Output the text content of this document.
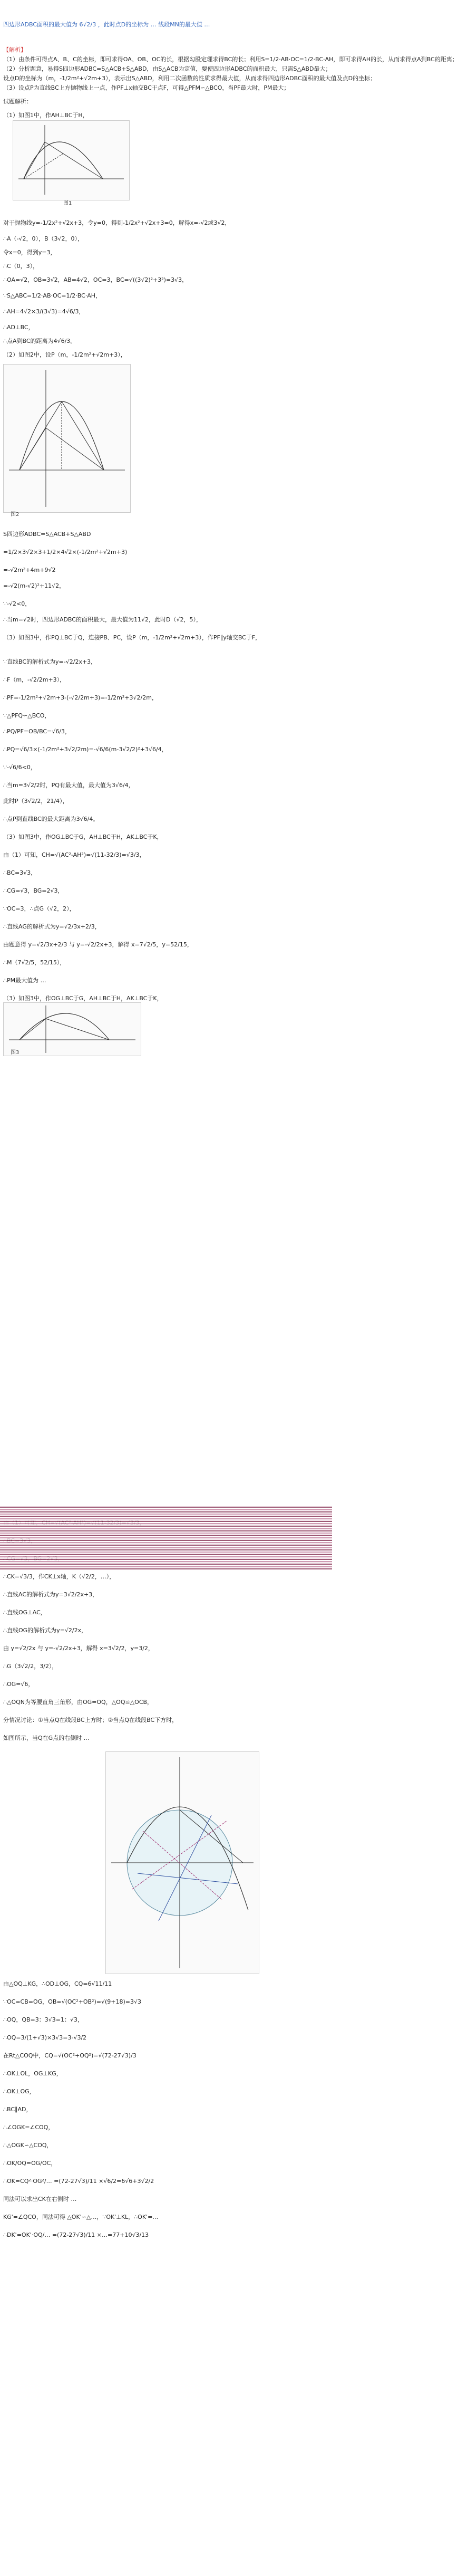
四边形ADBC面积的最大值为 6√2/3 ，此时点D的坐标为 … 线段MN的最大值 …
【解析】
（1）由条件可得点A、B、C的坐标，即可求得OA、OB、OC的长，根据勾股定理求得BC的长；利用S=1/2·AB·OC=1/2·BC·AH，即可求得AH的长，从而求得点A到BC的距离；
（2）分析题意，易得S四边形ADBC=S△ACB+S△ABD，由S△ACB为定值，要使四边形ADBC的面积最大，只需S△ABD最大；
设点D的坐标为（m，-1/2m²+√2m+3），表示出S△ABD，利用二次函数的性质求得最大值，从而求得四边形ADBC面积的最大值及点D的坐标；
（3）设点P为直线BC上方抛物线上一点，作PF⊥x轴交BC于点F，可得△PFM∽△BCO，当PF最大时，PM最大；
试题解析：
（1）如图1中，作AH⊥BC于H，
对于抛物线y=-1/2x²+√2x+3，令y=0，得到-1/2x²+√2x+3=0，解得x=-√2或3√2，
∴A（-√2，0），B（3√2，0），
令x=0，得到y=3，
∴C（0，3），
∴OA=√2，OB=3√2，AB=4√2，OC=3，BC=√((3√2)²+3²)=3√3，
∵S△ABC=1/2·AB·OC=1/2·BC·AH，
∴AH=4√2×3/(3√3)=4√6/3，
∴AD⊥BC，
∴点A到BC的距离为4√6/3。
（2）如图2中，设P（m，-1/2m²+√2m+3），
S四边形ADBC=S△ACB+S△ABD
=1/2×3√2×3+1/2×4√2×(-1/2m²+√2m+3)
=-√2m²+4m+9√2
=-√2(m-√2)²+11√2，
∵-√2<0，
∴当m=√2时，四边形ADBC的面积最大，最大值为11√2，此时D（√2，5），
（3）如图3中，作PQ⊥BC于Q，连接PB、PC，设P（m，-1/2m²+√2m+3），作PF∥y轴交BC于F，
∵直线BC的解析式为y=-√2/2x+3，
∴F（m，-√2/2m+3），
∴PF=-1/2m²+√2m+3-(-√2/2m+3)=-1/2m²+3√2/2m，
∵△PFQ∽△BCO，
∴PQ/PF=OB/BC=√6/3，
∴PQ=√6/3×(-1/2m²+3√2/2m)=-√6/6(m-3√2/2)²+3√6/4，
∵-√6/6<0，
∴当m=3√2/2时，PQ有最大值，最大值为3√6/4，
此时P（3√2/2，21/4），
∴点P到直线BC的最大距离为3√6/4。
（3）如图3中，作OG⊥BC于G，AH⊥BC于H，AK⊥BC于K，
由（1）可知，CH=√(AC²-AH²)=√(11-32/3)=√3/3，
∴BC=3√3，
∴CG=√3，BG=2√3，
∵OC=3，∴点G（√2，2），
∴直线AG的解析式为y=√2/3x+2/3，
由题意得 y=√2/3x+2/3 与 y=-√2/2x+3，解得 x=7√2/5，y=52/15，
∴M（7√2/5，52/15），
∴PM最大值为 …
（3）如图3中，作OG⊥BC于G，AH⊥BC于H，AK⊥BC于K，
∴CK=√3/3，作CK⊥x轴，K（√2/2，…），
∴直线AC的解析式为y=3√2/2x+3，
∴直线OG⊥AC，
∴直线OG的解析式为y=√2/2x，
由 y=√2/2x 与 y=-√2/2x+3，解得 x=3√2/2，y=3/2，
∴G（3√2/2，3/2），
∴OG=√6，
∴△OQN为等腰直角三角形，由OG=OQ，△OQ≌△OCB，
分情况讨论：①当点Q在线段BC上方时；②当点Q在线段BC下方时，
如图所示，当Q在G点的右侧时 …
由△OQ⊥KG，∴OD⊥OG，CQ=6√11/11
∵OC=CB=OG，OB=√(OC²+OB²)=√(9+18)=3√3
∴OQ，QB=3：3√3=1：√3，
∴OQ=3/(1+√3)×3√3=3-√3/2
在Rt△COQ中，CQ=√(OC²+OQ²)=√(72-27√3)/3
∴OK⊥OL，OG⊥KG，
∴OK⊥OG，
∴BC∥AD，
∴∠OGK=∠COQ，
∴△OGK∽△COQ，
∴OK/OQ=OG/OC，
∴OK=CQ²·OG²/… =(72-27√3)/11 ×√6/2=6√6+3√2/2
同法可以求出CK在右侧时 …
KG'=∠QCO，同法可得 △OK'∽△…，∵OK'⊥KL，∴OK'=…
∴DK'=OK'·OQ/… =(72-27√3)/11 ×…=77+10√3/13
图1
图2
图3
